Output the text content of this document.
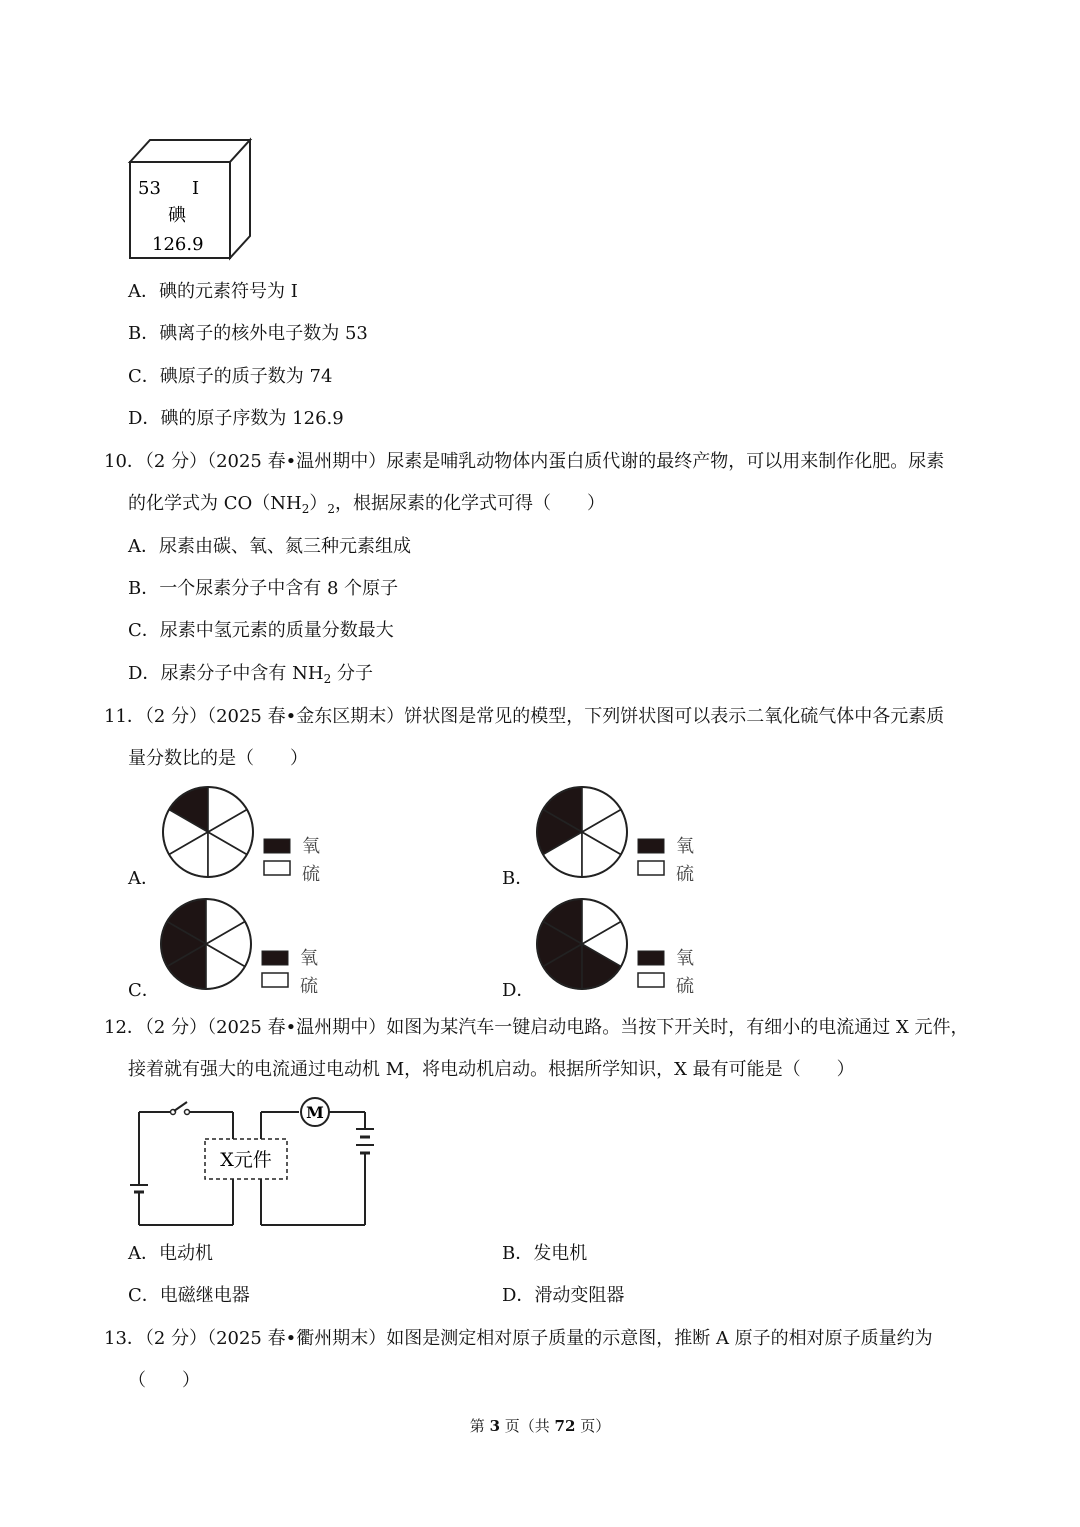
53 I
碘
126.9
A．碘的元素符号为 I
B．碘离子的核外电子数为 53
C．碘原子的质子数为 74
D．碘的原子序数为 126.9
10．（2 分）（2025 春•温州期中）尿素是哺乳动物体内蛋白质代谢的最终产物，可以用来制作化肥。尿素
的化学式为 $CO(NH_2)_2$，根据尿素的化学式可得（　　）
A．尿素由碳、氧、氮三种元素组成
B．一个尿素分子中含有 8 个原子
C．尿素中氢元素的质量分数最大
D．尿素分子中含有 $NH_2$ 分子
11．（2 分）（2025 春•金东区期末）饼状图是常见的模型，下列饼状图可以表示二氧化硫气体中各元素质
量分数比的是（　　）
A．	B．
C．	D．
氧
硫
氧
硫
氧
硫
氧
硫
12．（2 分）（2025 春•温州期中）如图为某汽车一键启动电路。当按下开关时，有细小的电流通过 X 元件，
接着就有强大的电流通过电动机 M，将电动机启动。根据所学知识，X 最有可能是（　　）
M
X元件
A．电动机	B．发电机
C．电磁继电器	D．滑动变阻器
13．（2 分）（2025 春•衢州期末）如图是测定相对原子质量的示意图，推断 A 原子的相对原子质量约为
（　　）
第 3 页（共 72 页）
